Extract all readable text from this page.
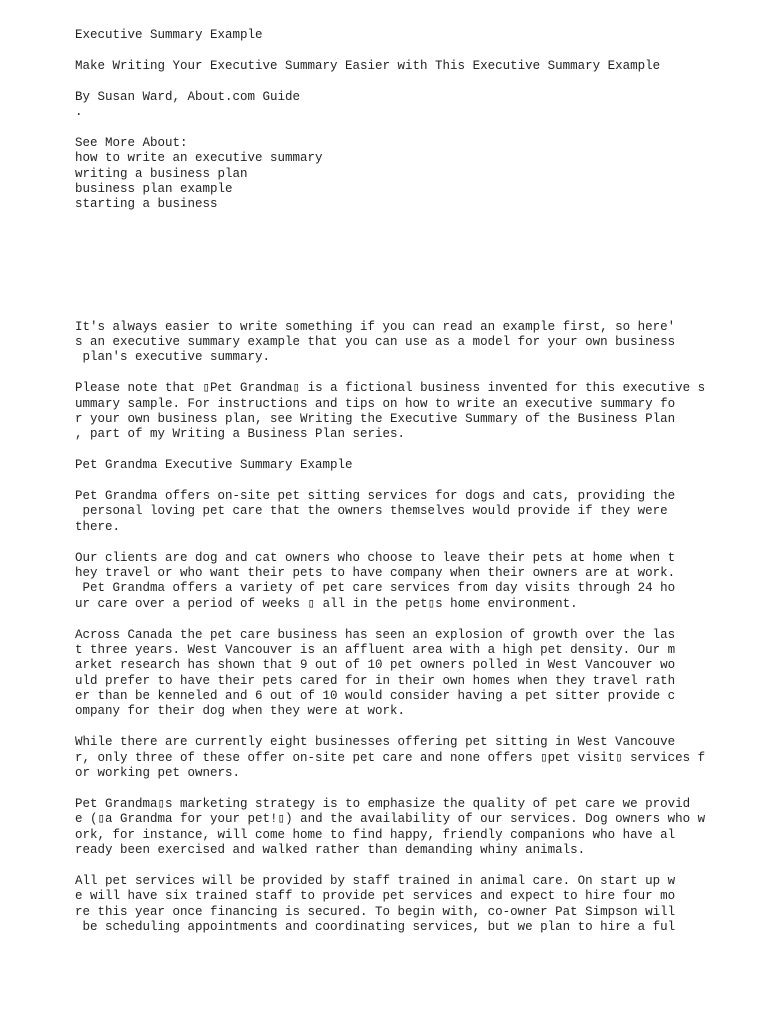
Executive Summary Example
Make Writing Your Executive Summary Easier with This Executive Summary Example
By Susan Ward, About.com Guide
.
See More About:
how to write an executive summary
writing a business plan
business plan example
starting a business
It's always easier to write something if you can read an example first, so here'
s an executive summary example that you can use as a model for your own business
plan's executive summary.
Please note that ▯Pet Grandma▯ is a fictional business invented for this executive s
ummary sample. For instructions and tips on how to write an executive summary fo
r your own business plan, see Writing the Executive Summary of the Business Plan
, part of my Writing a Business Plan series.
Pet Grandma Executive Summary Example
Pet Grandma offers on-site pet sitting services for dogs and cats, providing the
personal loving pet care that the owners themselves would provide if they were
there.
Our clients are dog and cat owners who choose to leave their pets at home when t
hey travel or who want their pets to have company when their owners are at work.
Pet Grandma offers a variety of pet care services from day visits through 24 ho
ur care over a period of weeks ▯ all in the pet▯s home environment.
Across Canada the pet care business has seen an explosion of growth over the las
t three years. West Vancouver is an affluent area with a high pet density. Our m
arket research has shown that 9 out of 10 pet owners polled in West Vancouver wo
uld prefer to have their pets cared for in their own homes when they travel rath
er than be kenneled and 6 out of 10 would consider having a pet sitter provide c
ompany for their dog when they were at work.
While there are currently eight businesses offering pet sitting in West Vancouve
r, only three of these offer on-site pet care and none offers ▯pet visit▯ services f
or working pet owners.
Pet Grandma▯s marketing strategy is to emphasize the quality of pet care we provid
e (▯a Grandma for your pet!▯) and the availability of our services. Dog owners who w
ork, for instance, will come home to find happy, friendly companions who have al
ready been exercised and walked rather than demanding whiny animals.
All pet services will be provided by staff trained in animal care. On start up w
e will have six trained staff to provide pet services and expect to hire four mo
re this year once financing is secured. To begin with, co-owner Pat Simpson will
be scheduling appointments and coordinating services, but we plan to hire a ful
